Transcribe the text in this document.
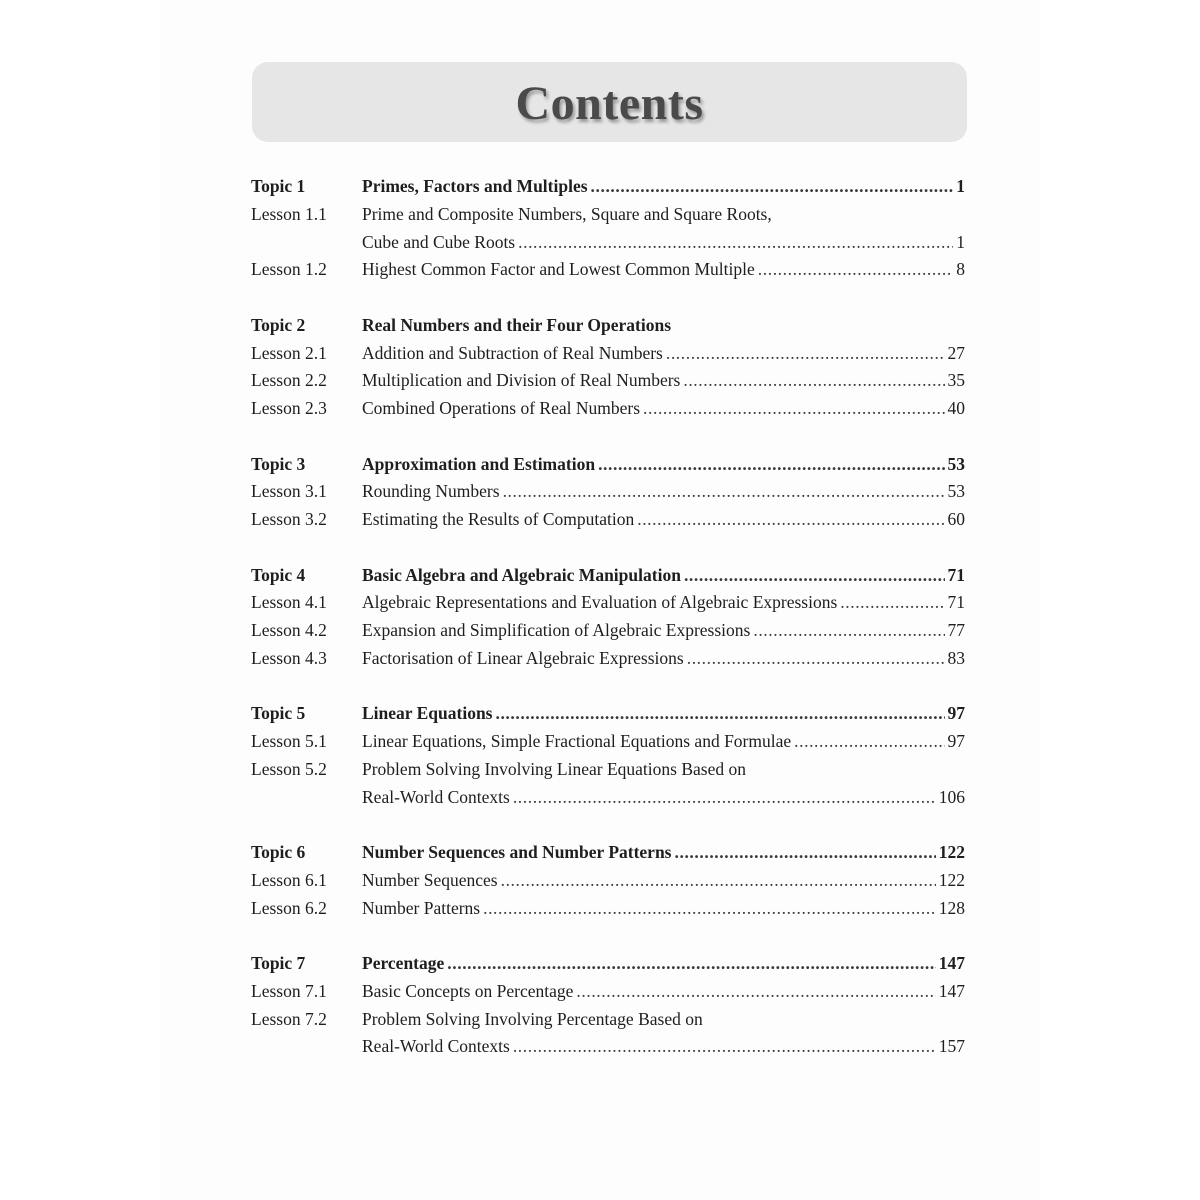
Contents
Topic 1	Primes, Factors and Multiples .....	1
Lesson 1.1	Prime and Composite Numbers, Square and Square Roots,
Cube and Cube Roots .....	1
Lesson 1.2	Highest Common Factor and Lowest Common Multiple .....	8
Topic 2	Real Numbers and their Four Operations
Lesson 2.1	Addition and Subtraction of Real Numbers .....	27
Lesson 2.2	Multiplication and Division of Real Numbers .....	35
Lesson 2.3	Combined Operations of Real Numbers .....	40
Topic 3	Approximation and Estimation .....	53
Lesson 3.1	Rounding Numbers .....	53
Lesson 3.2	Estimating the Results of Computation .....	60
Topic 4	Basic Algebra and Algebraic Manipulation .....	71
Lesson 4.1	Algebraic Representations and Evaluation of Algebraic Expressions .....	71
Lesson 4.2	Expansion and Simplification of Algebraic Expressions .....	77
Lesson 4.3	Factorisation of Linear Algebraic Expressions .....	83
Topic 5	Linear Equations .....	97
Lesson 5.1	Linear Equations, Simple Fractional Equations and Formulae .....	97
Lesson 5.2	Problem Solving Involving Linear Equations Based on
Real-World Contexts .....	106
Topic 6	Number Sequences and Number Patterns .....	122
Lesson 6.1	Number Sequences .....	122
Lesson 6.2	Number Patterns .....	128
Topic 7	Percentage .....	147
Lesson 7.1	Basic Concepts on Percentage .....	147
Lesson 7.2	Problem Solving Involving Percentage Based on
Real-World Contexts .....	157
